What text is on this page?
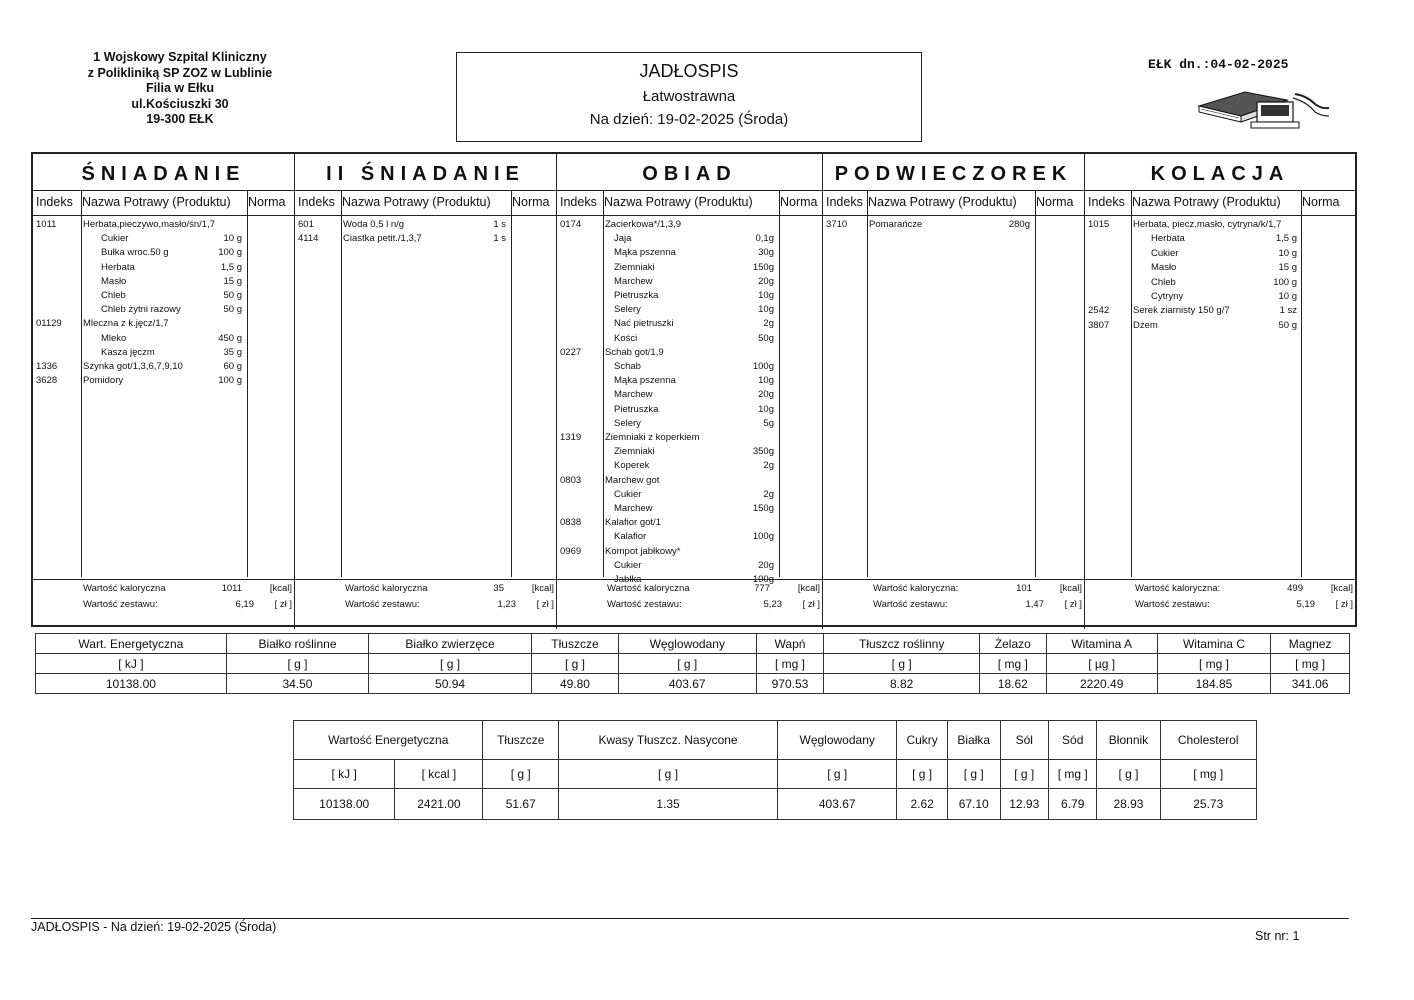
1 Wojskowy Szpital Kliniczny
z Polikliniką SP ZOZ w Lublinie
Filia w Ełku
ul.Kościuszki 30
19-300 EŁK
JADŁOSPIS
Łatwostrawna
Na dzień: 19-02-2025 (Środa)
EŁK dn.:04-02-2025
ŚNIADANIE
Indeks Nazwa Potrawy (Produktu) Norma
1011	Herbata,pieczywo,masło/śn/1,7
Cukier	10 g
Bułka wroc.50 g	100 g
Herbata	1,5 g
Masło	15 g
Chleb	50 g
Chleb żytni razowy	50 g
01129 Mleczna z k.jęcz/1,7
Mleko	450 g
Kasza jęczm	35 g
1336	Szynka got/1,3,6,7,9,10	60 g
3628	Pomidory	100 g
Wartość kaloryczna	1011	[kcal]
Wartość zestawu:	6,19 [ zł ]
II ŚNIADANIE
Indeks Nazwa Potrawy (Produktu) Norma
601	Woda 0,5 l n/g	1 s
4114	Ciastka petit./1,3,7	1 s
Wartość kaloryczna	35	[kcal]
Wartość zestawu:	1,23 [ zł ]
OBIAD
Indeks Nazwa Potrawy (Produktu) Norma
0174	Zacierkowa*/1,3,9
Jaja	0,1g
Mąka pszenna	30g
Ziemniaki	150g
Marchew	20g
Pietruszka	10g
Selery	10g
Nać pietruszki	2g
Kości	50g
0227	Schab got/1,9
Schab	100g
Mąka pszenna	10g
Marchew	20g
Pietruszka	10g
Selery	5g
1319	Ziemniaki z koperkiem
Ziemniaki	350g
Koperek	2g
0803	Marchew got
Cukier	2g
Marchew	150g
0838	Kalafior got/1
Kalafior	100g
0969	Kompot jabłkowy*
Cukier	20g
Jabłka	100g
Wartość kaloryczna	777	[kcal]
Wartość zestawu:	5,23 [ zł ]
PODWIECZOREK
Indeks Nazwa Potrawy (Produktu) Norma
3710 Pomarańcze	280g
Wartość kaloryczna:	101	[kcal]
Wartość zestawu:	1,47 [ zł ]
KOLACJA
Indeks Nazwa Potrawy (Produktu) Norma
1015	Herbata, piecz,masło, cytryna/k/1,7
Herbata	1,5 g
Cukier	10 g
Masło	15 g
Chleb	100 g
Cytryny	10 g
2542	Serek ziarnisty 150 g/7	1 sz
3807	Dżem	50 g
Wartość kaloryczna:	499	[kcal]
Wartość zestawu:	5,19 [ zł ]
Wart. Energetyczna	Białko roślinne	Białko zwierzęce	Tłuszcze	Węglowodany	Wapń	Tłuszcz roślinny	Żelazo	Witamina A	Witamina C	Magnez
[ kJ ]	[ g ]	[ g ]	[ g ]	[ g ]	[ mg ]	[ g ]	[ mg ]	[ µg ]	[ mg ]	[ mg ]
10138.00	34.50	50.94	49.80	403.67	970.53	8.82	18.62	2220.49	184.85	341.06
Wartość Energetyczna		Tłuszcze	Kwasy Tłuszcz. Nasycone	Węglowodany	Cukry	Białka	Sól	Sód	Błonnik	Cholesterol
[ kJ ]	[ kcal ]	[ g ]	[ g ]	[ g ]	[ g ]	[ g ]	[ g ]	[ mg ]	[ g ]	[ mg ]
10138.00	2421.00	51.67	1.35	403.67	2.62	67.10	12.93	6.79	28.93	25.73
JADŁOSPIS - Na dzień: 19-02-2025 (Środa)
Str nr: 1
